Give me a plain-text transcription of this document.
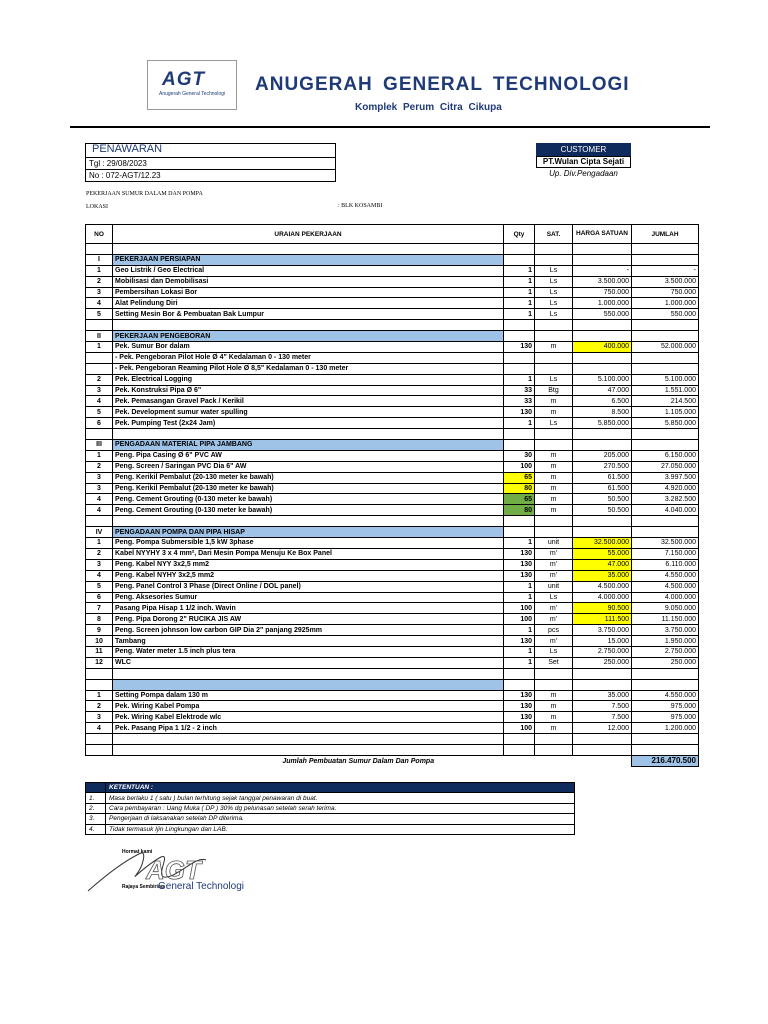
AGT
Anugerah General Technologi ANUGERAH GENERAL TECHNOLOGI
Komplek Perum Citra Cikupa
PENAWARAN
Tgl : 29/08/2023
No : 072-AGT/12.23
CUSTOMER
PT.Wulan Cipta Sejati
Up. Div.Pengadaan
PEKERJAAN SUMUR DALAM DAN POMPA
LOKASI	: BLK KOSAMBI
NO	URAIAN PEKERJAAN	Qty	SAT.	HARGA SATUAN	JUMLAH

I	PEKERJAAN PERSIAPAN				
1	Geo Listrik / Geo Electrical	1	Ls	-	-
2	Mobilisasi dan Demobilisasi	1	Ls	3.500.000	3.500.000
3	Pembersihan Lokasi Bor	1	Ls	750.000	750.000
4	Alat Pelindung Diri	1	Ls	1.000.000	1.000.000
5	Setting Mesin Bor & Pembuatan Bak Lumpur	1	Ls	550.000	550.000

II	PEKERJAAN PENGEBORAN				
1	Pek. Sumur Bor dalam	130	m	400.000	52.000.000
	- Pek. Pengeboran Pilot Hole Ø 4" Kedalaman 0 - 130 meter				
	- Pek. Pengeboran Reaming Pilot Hole Ø 8,5" Kedalaman 0 - 130 meter				
2	Pek. Electrical Logging	1	Ls	5.100.000	5.100.000
3	Pek. Konstruksi Pipa Ø 6"	33	Btg	47.000	1.551.000
4	Pek. Pemasangan Gravel Pack / Kerikil	33	m	6.500	214.500
5	Pek. Development sumur water spulling	130	m	8.500	1.105.000
6	Pek. Pumping Test (2x24 Jam)	1	Ls	5.850.000	5.850.000

III	PENGADAAN MATERIAL PIPA JAMBANG				
1	Peng. Pipa Casing Ø 6" PVC AW	30	m	205.000	6.150.000
2	Peng. Screen / Saringan PVC Dia 6" AW	100	m	270.500	27.050.000
3	Peng. Kerikil Pembalut (20-130 meter ke bawah)	65	m	61.500	3.997.500
3	Peng. Kerikil Pembalut (20-130 meter ke bawah)	80	m	61.500	4.920.000
4	Peng. Cement Grouting (0-130 meter ke bawah)	65	m	50.500	3.282.500
4	Peng. Cement Grouting (0-130 meter ke bawah)	80	m	50.500	4.040.000

IV	PENGADAAN POMPA DAN PIPA HISAP				
1	Peng. Pompa Submersible 1,5 kW 3phase	1	unit	32.500.000	32.500.000
2	Kabel NYYHY 3 x 4 mm², Dari Mesin Pompa Menuju Ke Box Panel	130	m'	55.000	7.150.000
3	Peng. Kabel NYY 3x2,5 mm2	130	m'	47.000	6.110.000
4	Peng. Kabel NYHY 3x2,5 mm2	130	m'	35.000	4.550.000
5	Peng. Panel Control 3 Phase (Direct Online / DOL panel)	1	unit	4.500.000	4.500.000
6	Peng. Aksesories Sumur	1	Ls	4.000.000	4.000.000
7	Pasang Pipa Hisap 1 1/2 inch. Wavin	100	m'	90.500	9.050.000
8	Peng. Pipa Dorong 2" RUCIKA JIS AW	100	m'	111.500	11.150.000
9	Peng. Screen johnson low carbon GIP Dia 2" panjang 2925mm	1	pcs	3.750.000	3.750.000
10	Tambang	130	m'	15.000	1.950.000
11	Peng. Water meter 1.5 inch plus tera	1	Ls	2.750.000	2.750.000
12	WLC	1	Set	250.000	250.000

1	Setting Pompa dalam 130 m	130	m	35.000	4.550.000
2	Pek. Wiring Kabel Pompa	130	m	7.500	975.000
3	Pek. Wiring Kabel Elektrode wlc	130	m	7.500	975.000
4	Pek. Pasang Pipa 1 1/2 - 2 inch	100	m	12.000	1.200.000

Jumlah Pembuatan Sumur Dalam Dan Pompa					216.470.500
	KETENTUAN :
1.	Masa berlaku 1 ( satu ) bulan terhitung sejak tanggal penawaran di buat.
2.	Cara pembayaran : Uang Muka ( DP ) 30% dg pelunasan setelah serah terima.
3.	Pengerjaan di laksanakan setelah DP diterima.
4.	Tidak termasuk Ijin Lingkungan dan LAB.
AGT
Hormat kami
Rajaya Sembiring
General Technologi
